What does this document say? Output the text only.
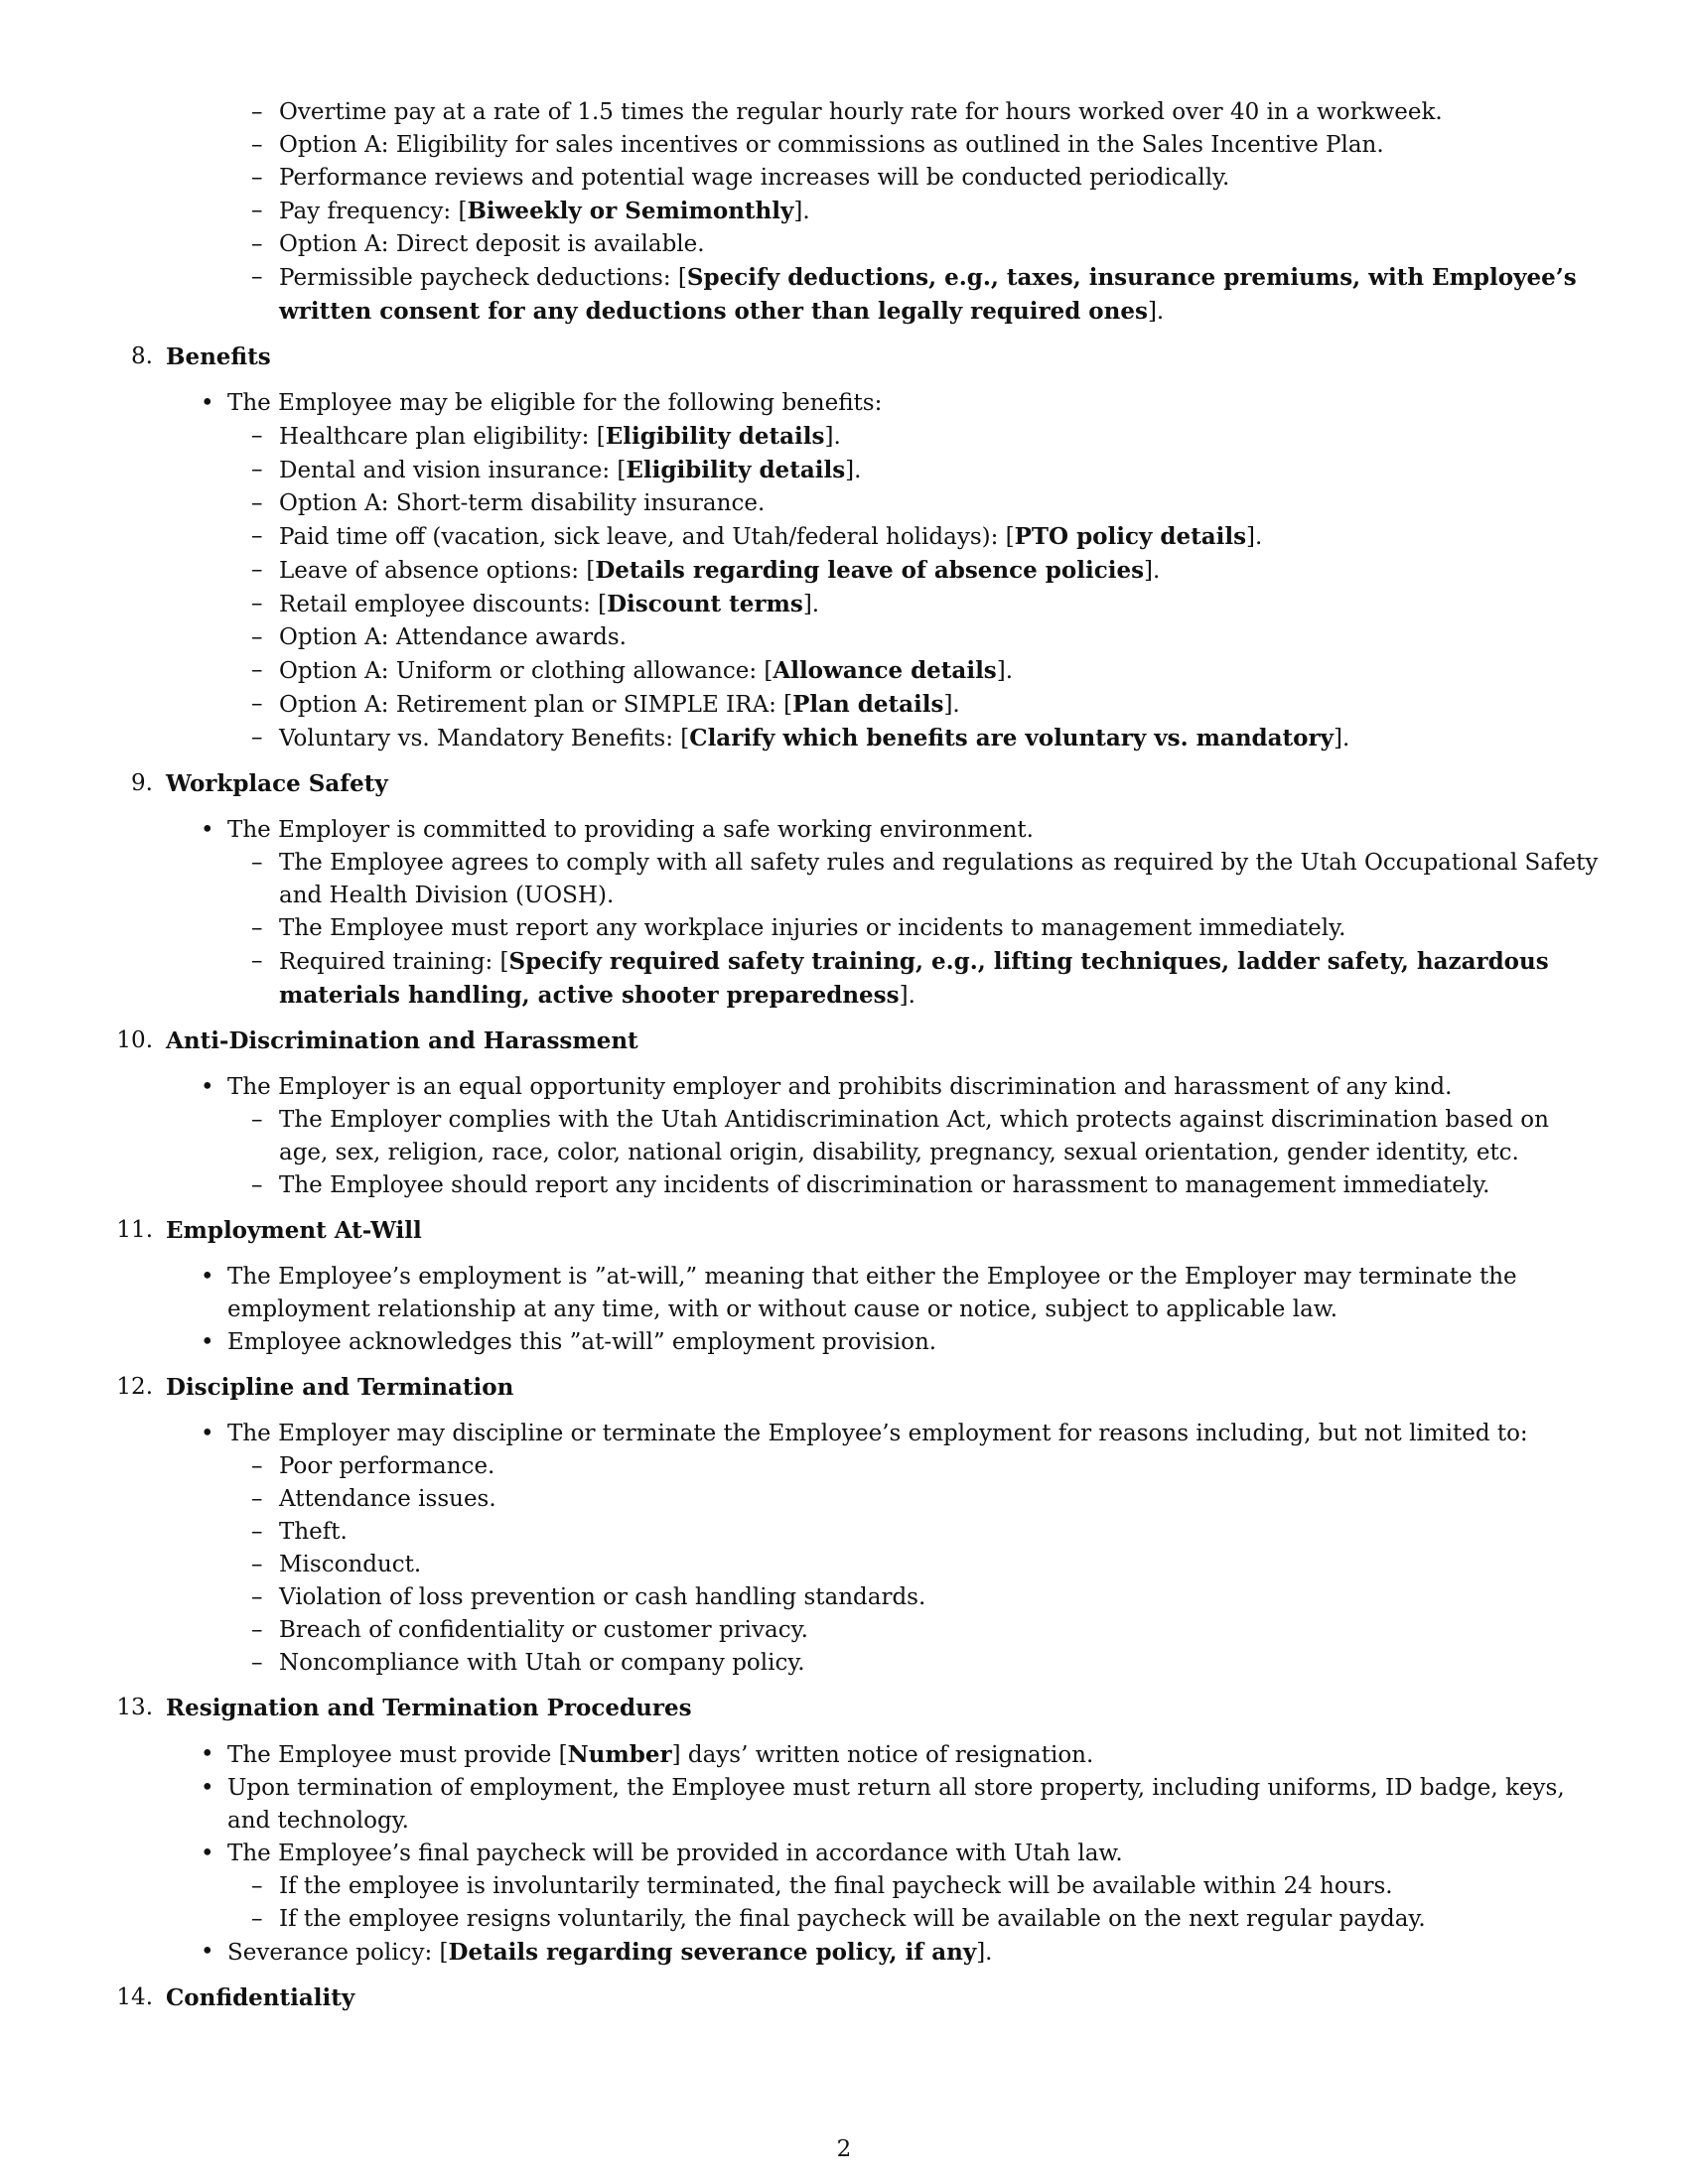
– Overtime pay at a rate of 1.5 times the regular hourly rate for hours worked over 40 in a workweek.
– Option A: Eligibility for sales incentives or commissions as outlined in the Sales Incentive Plan.
– Performance reviews and potential wage increases will be conducted periodically.
– Pay frequency: [Biweekly or Semimonthly].
– Option A: Direct deposit is available.
– Permissible paycheck deductions: [Specify deductions, e.g., taxes, insurance premiums, with Employee’s written consent for any deductions other than legally required ones].
8. Benefits
• The Employee may be eligible for the following benefits:
– Healthcare plan eligibility: [Eligibility details].
– Dental and vision insurance: [Eligibility details].
– Option A: Short-term disability insurance.
– Paid time off (vacation, sick leave, and Utah/federal holidays): [PTO policy details].
– Leave of absence options: [Details regarding leave of absence policies].
– Retail employee discounts: [Discount terms].
– Option A: Attendance awards.
– Option A: Uniform or clothing allowance: [Allowance details].
– Option A: Retirement plan or SIMPLE IRA: [Plan details].
– Voluntary vs. Mandatory Benefits: [Clarify which benefits are voluntary vs. mandatory].
9. Workplace Safety
• The Employer is committed to providing a safe working environment.
– The Employee agrees to comply with all safety rules and regulations as required by the Utah Occupational Safety and Health Division (UOSH).
– The Employee must report any workplace injuries or incidents to management immediately.
– Required training: [Specify required safety training, e.g., lifting techniques, ladder safety, hazardous materials handling, active shooter preparedness].
10. Anti-Discrimination and Harassment
• The Employer is an equal opportunity employer and prohibits discrimination and harassment of any kind.
– The Employer complies with the Utah Antidiscrimination Act, which protects against discrimination based on age, sex, religion, race, color, national origin, disability, pregnancy, sexual orientation, gender identity, etc.
– The Employee should report any incidents of discrimination or harassment to management immediately.
11. Employment At-Will
• The Employee’s employment is ”at-will,” meaning that either the Employee or the Employer may terminate the employment relationship at any time, with or without cause or notice, subject to applicable law.
• Employee acknowledges this ”at-will” employment provision.
12. Discipline and Termination
• The Employer may discipline or terminate the Employee’s employment for reasons including, but not limited to:
– Poor performance.
– Attendance issues.
– Theft.
– Misconduct.
– Violation of loss prevention or cash handling standards.
– Breach of confidentiality or customer privacy.
– Noncompliance with Utah or company policy.
13. Resignation and Termination Procedures
• The Employee must provide [Number] days’ written notice of resignation.
• Upon termination of employment, the Employee must return all store property, including uniforms, ID badge, keys, and technology.
• The Employee’s final paycheck will be provided in accordance with Utah law.
– If the employee is involuntarily terminated, the final paycheck will be available within 24 hours.
– If the employee resigns voluntarily, the final paycheck will be available on the next regular payday.
• Severance policy: [Details regarding severance policy, if any].
14. Confidentiality
2
